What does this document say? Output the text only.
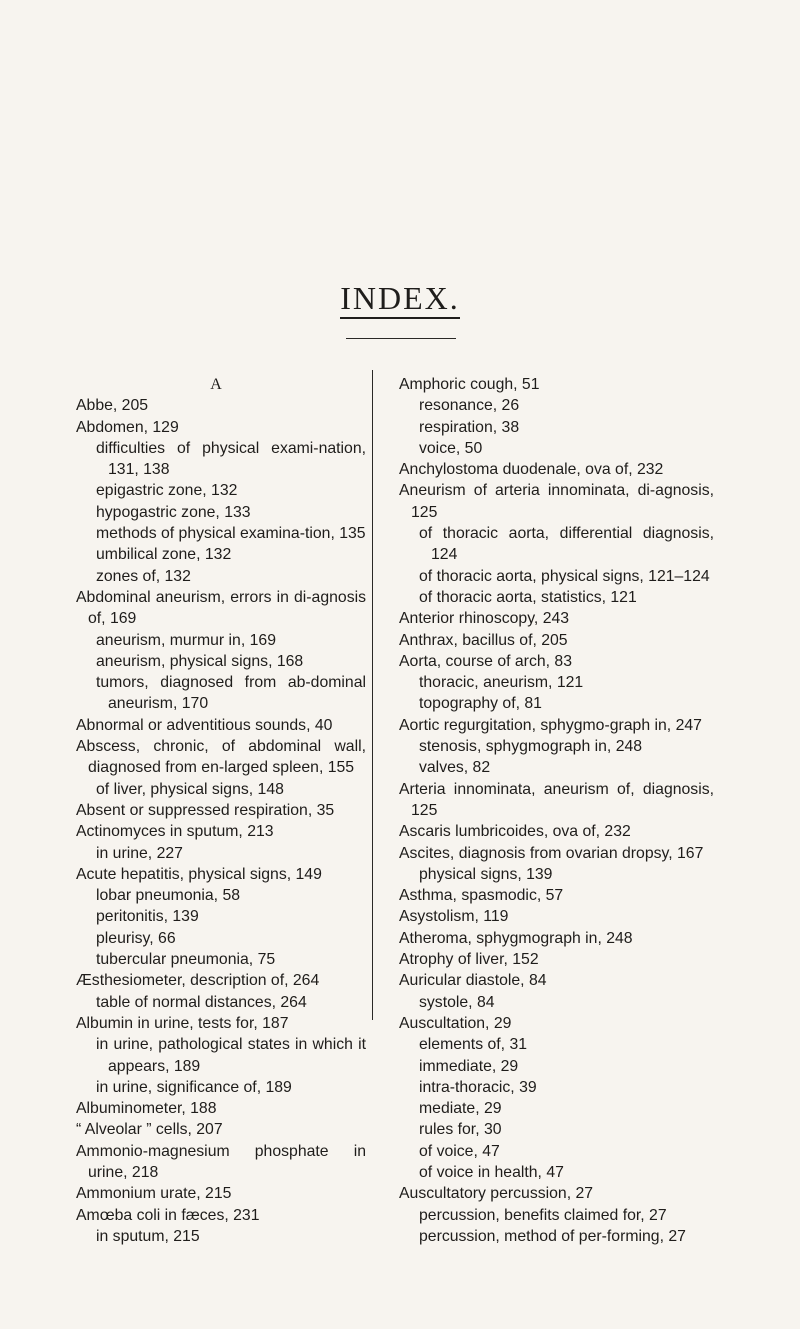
INDEX.
A
Abbe, 205
Abdomen, 129
difficulties of physical exami-nation, 131, 138
epigastric zone, 132
hypogastric zone, 133
methods of physical examina-tion, 135
umbilical zone, 132
zones of, 132
Abdominal aneurism, errors in di-agnosis of, 169
aneurism, murmur in, 169
aneurism, physical signs, 168
tumors, diagnosed from ab-dominal aneurism, 170
Abnormal or adventitious sounds, 40
Abscess, chronic, of abdominal wall, diagnosed from en-larged spleen, 155
of liver, physical signs, 148
Absent or suppressed respiration, 35
Actinomyces in sputum, 213
in urine, 227
Acute hepatitis, physical signs, 149
lobar pneumonia, 58
peritonitis, 139
pleurisy, 66
tubercular pneumonia, 75
Æsthesiometer, description of, 264
table of normal distances, 264
Albumin in urine, tests for, 187
in urine, pathological states in which it appears, 189
in urine, significance of, 189
Albuminometer, 188
“ Alveolar ” cells, 207
Ammonio-magnesium phosphate in urine, 218
Ammonium urate, 215
Amœba coli in fæces, 231
in sputum, 215
Amphoric cough, 51
resonance, 26
respiration, 38
voice, 50
Anchylostoma duodenale, ova of, 232
Aneurism of arteria innominata, di-agnosis, 125
of thoracic aorta, differential diagnosis, 124
of thoracic aorta, physical signs, 121–124
of thoracic aorta, statistics, 121
Anterior rhinoscopy, 243
Anthrax, bacillus of, 205
Aorta, course of arch, 83
thoracic, aneurism, 121
topography of, 81
Aortic regurgitation, sphygmo-graph in, 247
stenosis, sphygmograph in, 248
valves, 82
Arteria innominata, aneurism of, diagnosis, 125
Ascaris lumbricoides, ova of, 232
Ascites, diagnosis from ovarian dropsy, 167
physical signs, 139
Asthma, spasmodic, 57
Asystolism, 119
Atheroma, sphygmograph in, 248
Atrophy of liver, 152
Auricular diastole, 84
systole, 84
Auscultation, 29
elements of, 31
immediate, 29
intra-thoracic, 39
mediate, 29
rules for, 30
of voice, 47
of voice in health, 47
Auscultatory percussion, 27
percussion, benefits claimed for, 27
percussion, method of per-forming, 27
